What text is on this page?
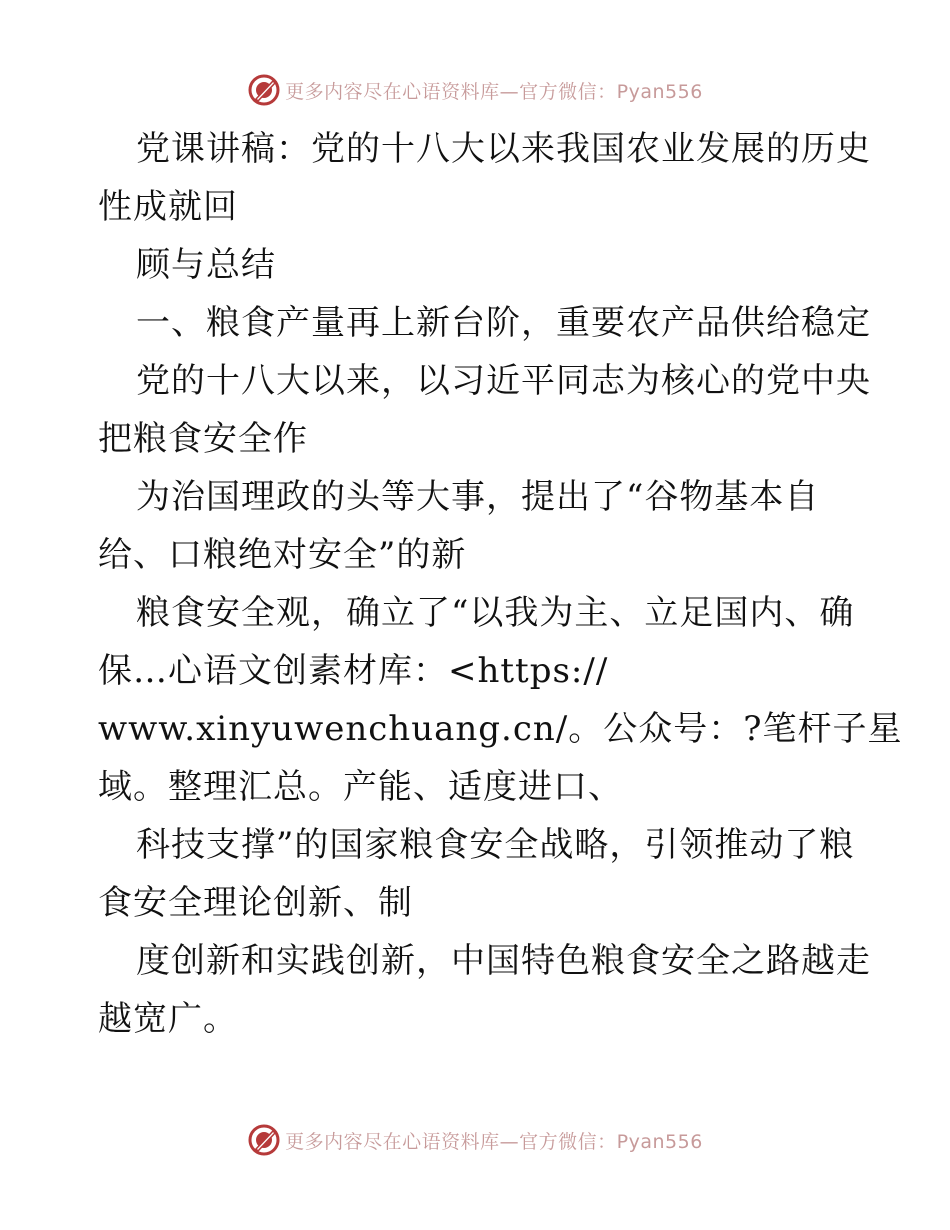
更多内容尽在心语资料库—官方微信：Pyan556
党课讲稿：党的十八大以来我国农业发展的历史
性成就回
顾与总结
一、粮食产量再上新台阶，重要农产品供给稳定
党的十八大以来，以习近平同志为核心的党中央
把粮食安全作
为治国理政的头等大事，提出了“谷物基本自
给、口粮绝对安全”的新
粮食安全观，确立了“以我为主、立足国内、确
保…心语文创素材库：<https://
www.xinyuwenchuang.cn/。公众号：?笔杆子星
域。整理汇总。产能、适度进口、
科技支撑”的国家粮食安全战略，引领推动了粮
食安全理论创新、制
度创新和实践创新，中国特色粮食安全之路越走
越宽广。
更多内容尽在心语资料库—官方微信：Pyan556
